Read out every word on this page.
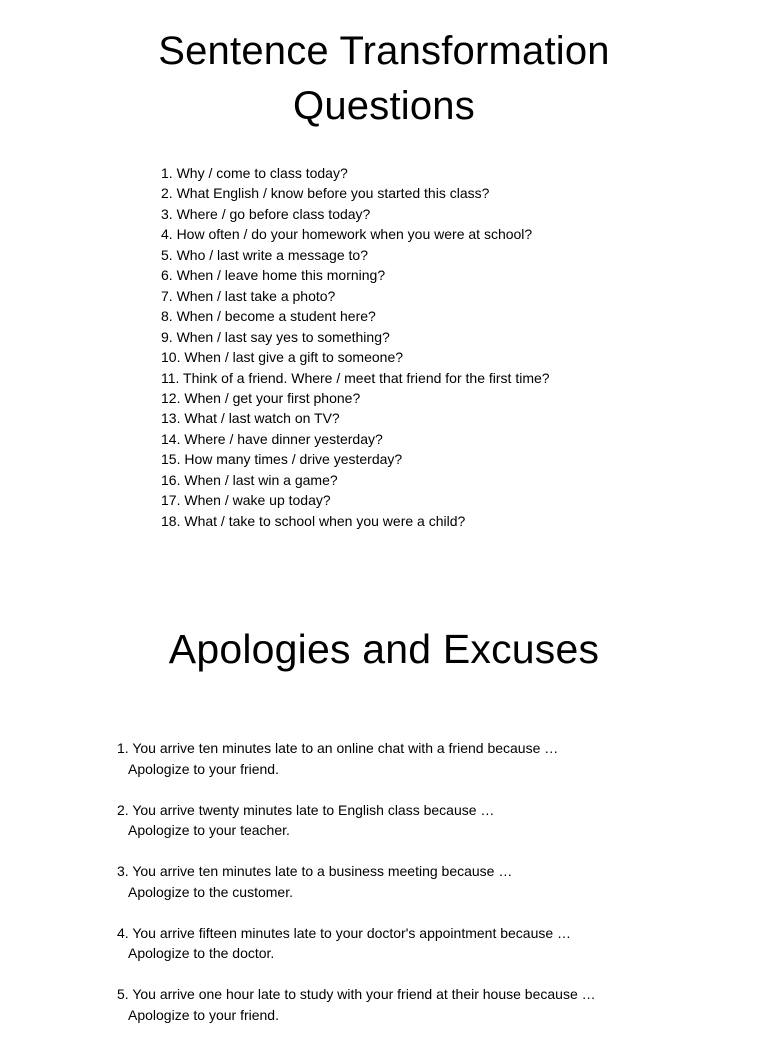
Sentence Transformation
Questions
1. Why / come to class today?
2. What English / know before you started this class?
3. Where / go before class today?
4. How often / do your homework when you were at school?
5. Who / last write a message to?
6. When / leave home this morning?
7. When / last take a photo?
8. When / become a student here?
9. When / last say yes to something?
10. When / last give a gift to someone?
11. Think of a friend. Where / meet that friend for the first time?
12. When / get your first phone?
13. What / last watch on TV?
14. Where / have dinner yesterday?
15. How many times / drive yesterday?
16. When / last win a game?
17. When / wake up today?
18. What / take to school when you were a child?
Apologies and Excuses
1. You arrive ten minutes late to an online chat with a friend because …
Apologize to your friend.
2. You arrive twenty minutes late to English class because …
Apologize to your teacher.
3. You arrive ten minutes late to a business meeting because …
Apologize to the customer.
4. You arrive fifteen minutes late to your doctor's appointment because …
Apologize to the doctor.
5. You arrive one hour late to study with your friend at their house because …
Apologize to your friend.
